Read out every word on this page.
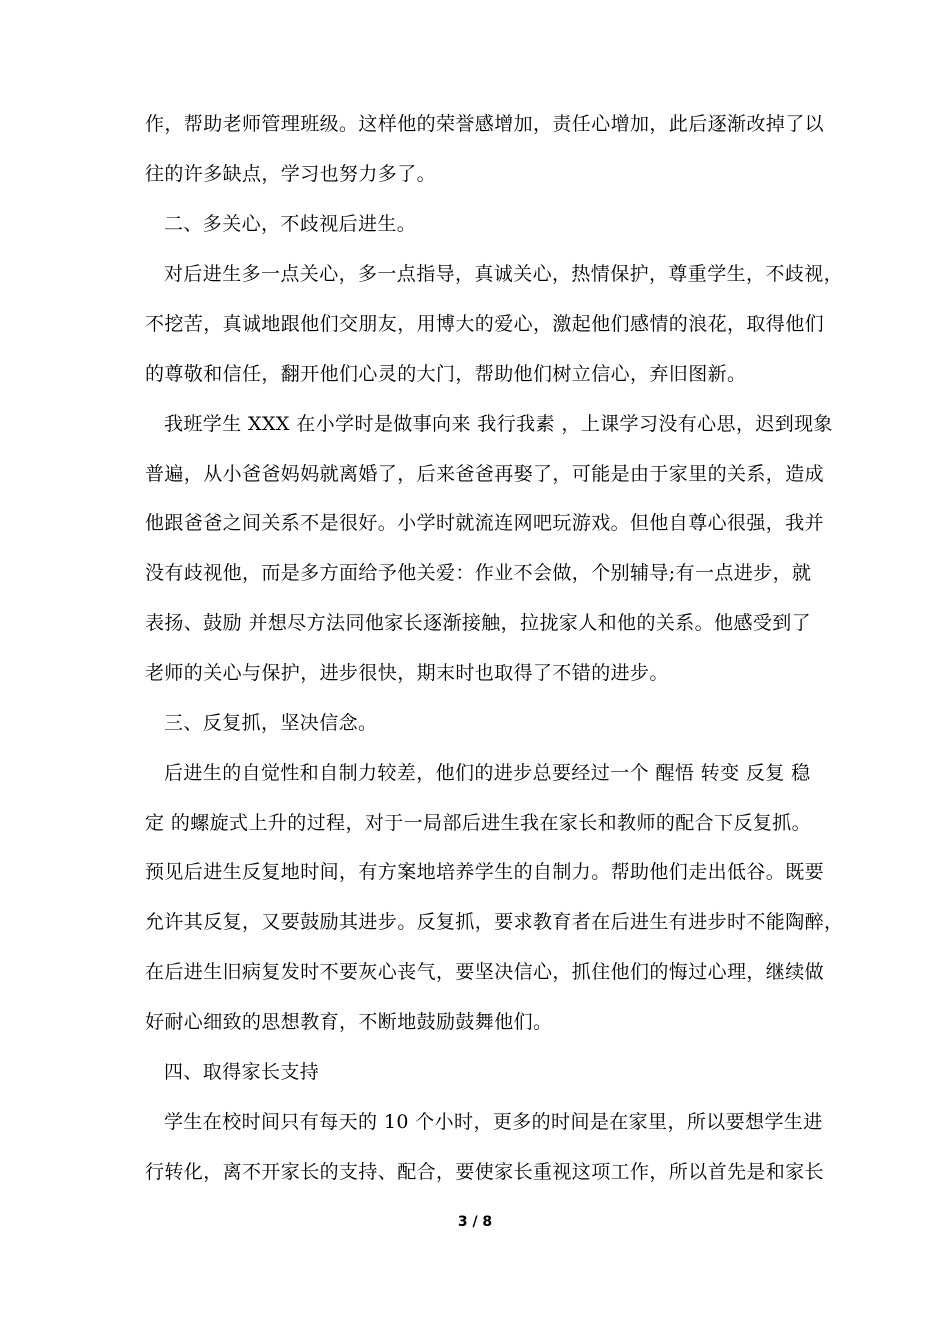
作，帮助老师管理班级。这样他的荣誉感增加，责任心增加，此后逐渐改掉了以
往的许多缺点，学习也努力多了。
二、多关心，不歧视后进生。
对后进生多一点关心，多一点指导，真诚关心，热情保护，尊重学生，不歧视，
不挖苦，真诚地跟他们交朋友，用博大的爱心，激起他们感情的浪花，取得他们
的尊敬和信任，翻开他们心灵的大门，帮助他们树立信心，弃旧图新。
我班学生 XXX 在小学时是做事向来 我行我素 ，上课学习没有心思，迟到现象
普遍，从小爸爸妈妈就离婚了，后来爸爸再娶了，可能是由于家里的关系，造成
他跟爸爸之间关系不是很好。小学时就流连网吧玩游戏。但他自尊心很强，我并
没有歧视他，而是多方面给予他关爱：作业不会做，个别辅导;有一点进步，就
表扬、鼓励 并想尽方法同他家长逐渐接触，拉拢家人和他的关系。他感受到了
老师的关心与保护，进步很快，期末时也取得了不错的进步。
三、反复抓，坚决信念。
后进生的自觉性和自制力较差，他们的进步总要经过一个 醒悟 转变 反复 稳
定 的螺旋式上升的过程，对于一局部后进生我在家长和教师的配合下反复抓。
预见后进生反复地时间，有方案地培养学生的自制力。帮助他们走出低谷。既要
允许其反复，又要鼓励其进步。反复抓，要求教育者在后进生有进步时不能陶醉，
在后进生旧病复发时不要灰心丧气，要坚决信心，抓住他们的悔过心理，继续做
好耐心细致的思想教育，不断地鼓励鼓舞他们。
四、取得家长支持
学生在校时间只有每天的 10 个小时，更多的时间是在家里，所以要想学生进
行转化，离不开家长的支持、配合，要使家长重视这项工作，所以首先是和家长
3 / 8
